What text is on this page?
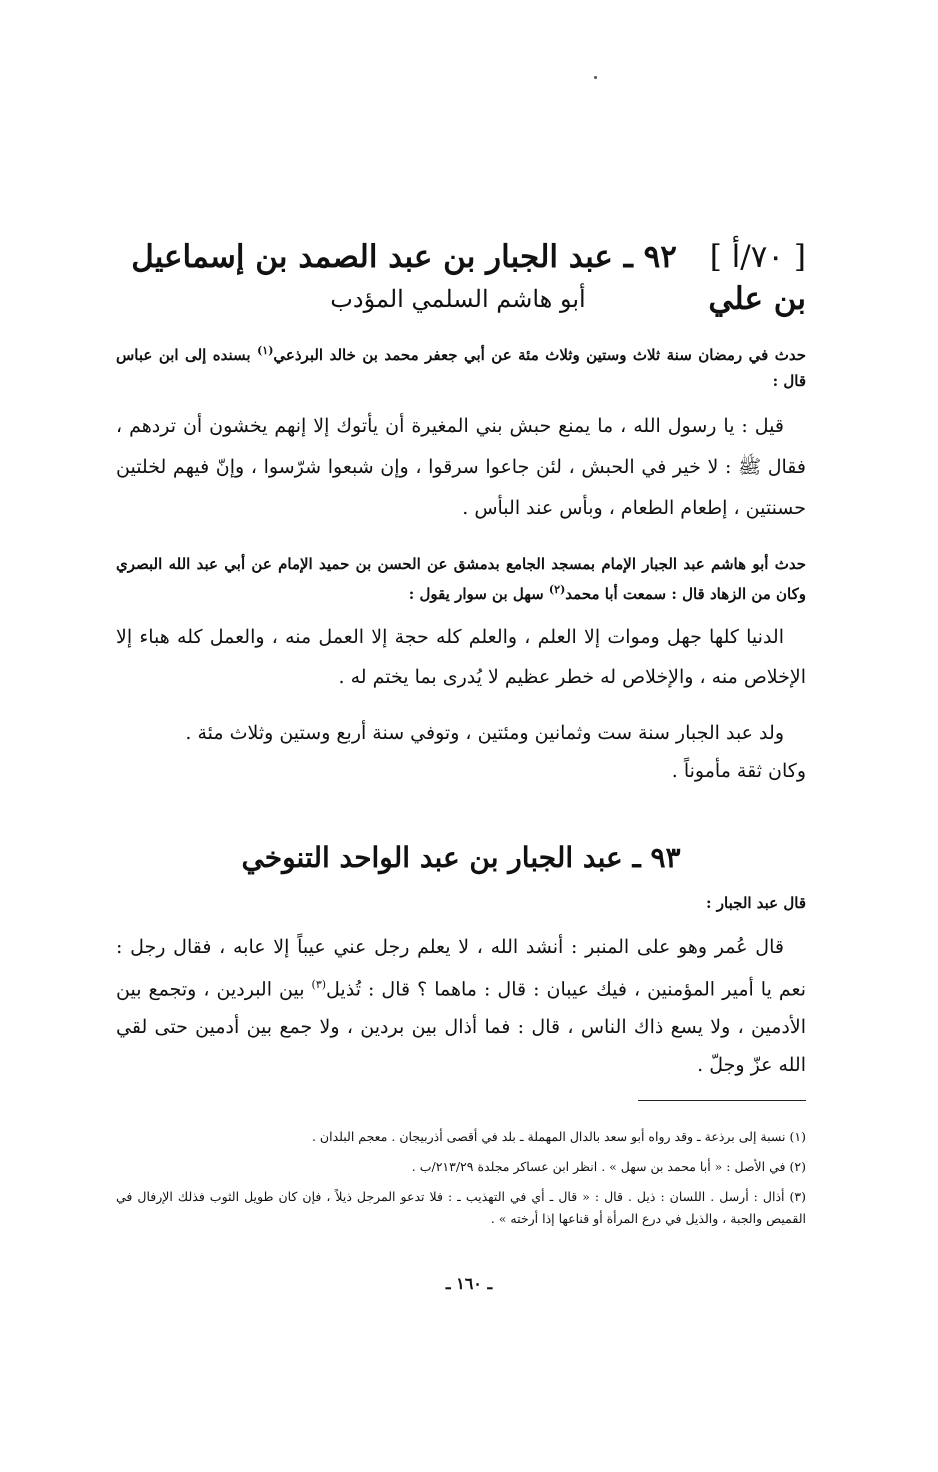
[ ٧٠/أ ] ٩٢ ـ عبد الجبار بن عبد الصمد بن إسماعيل بن علي
أبو هاشم السلمي المؤدب
حدث في رمضان سنة ثلاث وستين وثلاث مئة عن أبي جعفر محمد بن خالد البرذعي$^{(١)}$ بسنده إلى ابن عباس قال :
قيل : يا رسول الله ، ما يمنع حبش بني المغيرة أن يأتوك إلا إنهم يخشون أن تردهم ، فقال ﷺ : لا خير في الحبش ، لئن جاعوا سرقوا ، وإن شبعوا شرّسوا ، وإنّ فيهم لخلتين حسنتين ، إطعام الطعام ، وبأس عند البأس .
حدث أبو هاشم عبد الجبار الإمام بمسجد الجامع بدمشق عن الحسن بن حميد الإمام عن أبي عبد الله البصري وكان من الزهاد قال : سمعت أبا محمد$^{(٢)}$ سهل بن سوار يقول :
الدنيا كلها جهل وموات إلا العلم ، والعلم كله حجة إلا العمل منه ، والعمل كله هباء إلا الإخلاص منه ، والإخلاص له خطر عظيم لا يُدرى بما يختم له .
ولد عبد الجبار سنة ست وثمانين ومئتين ، وتوفي سنة أربع وستين وثلاث مئة .
وكان ثقة مأموناً .
٩٣ ـ عبد الجبار بن عبد الواحد التنوخي
قال عبد الجبار :
قال عُمر وهو على المنبر : أنشد الله ، لا يعلم رجل عني عيباً إلا عابه ، فقال رجل : نعم يا أمير المؤمنين ، فيك عيبان : قال : ماهما ؟ قال : تُذيل$^{(٣)}$ بين البردين ، وتجمع بين الأدمين ، ولا يسع ذاك الناس ، قال : فما أذال بين بردين ، ولا جمع بين أدمين حتى لقي الله عزّ وجلّ .
(١) نسبة إلى برذعة ـ وقد رواه أبو سعد بالدال المهملة ـ بلد في أقصى أذربيجان . معجم البلدان .
(٢) في الأصل : « أبا محمد بن سهل » . انظر ابن عساكر مجلدة ٢١٣/٢٩/ب .
(٣) أذال : أرسل . اللسان : ذيل . قال : « قال ـ أي في التهذيب ـ : فلا تدعو المرجل ذيلاً ، فإن كان طويل الثوب فذلك الإرفال في القميص والجبة ، والذيل في درع المرأة أو قناعها إذا أرخته » .
ـ ١٦٠ ـ
